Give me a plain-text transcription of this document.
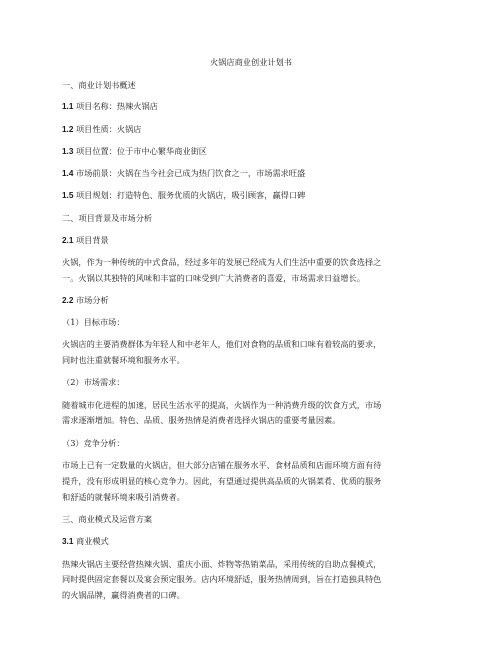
火锅店商业创业计划书
一、商业计划书概述
1.1 项目名称：热辣火锅店
1.2 项目性质：火锅店
1.3 项目位置：位于市中心繁华商业街区
1.4 市场前景：火锅在当今社会已成为热门饮食之一，市场需求旺盛
1.5 项目规划：打造特色、服务优质的火锅店，吸引顾客，赢得口碑
二、项目背景及市场分析
2.1 项目背景
火锅，作为一种传统的中式食品，经过多年的发展已经成为人们生活中重要的饮食选择之
一。火锅以其独特的风味和丰富的口味受到广大消费者的喜爱，市场需求日益增长。
2.2 市场分析
（1）目标市场：
火锅店的主要消费群体为年轻人和中老年人，他们对食物的品质和口味有着较高的要求，
同时也注重就餐环境和服务水平。
（2）市场需求：
随着城市化进程的加速，居民生活水平的提高，火锅作为一种消费升级的饮食方式，市场
需求逐渐增加。特色、品质、服务热情是消费者选择火锅店的重要考量因素。
（3）竞争分析：
市场上已有一定数量的火锅店，但大部分店铺在服务水平、食材品质和店面环境方面有待
提升，没有形成明显的核心竞争力。因此，有望通过提供高品质的火锅菜肴、优质的服务
和舒适的就餐环境来吸引消费者。
三、商业模式及运营方案
3.1 商业模式
热辣火锅店主要经营热辣火锅、重庆小面、炸物等热销菜品，采用传统的自助点餐模式，
同时提供固定套餐以及宴会预定服务。店内环境舒适，服务热情周到，旨在打造独具特色
的火锅品牌，赢得消费者的口碑。
